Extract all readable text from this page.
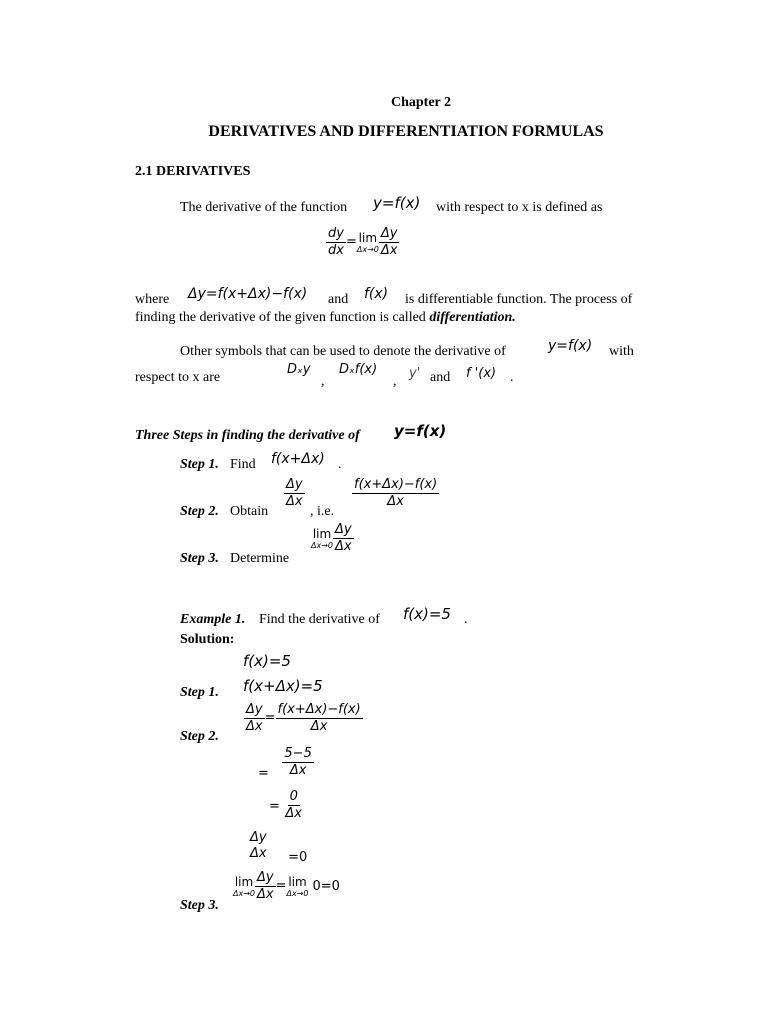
Chapter 2
DERIVATIVES AND DIFFERENTIATION FORMULAS
2.1 DERIVATIVES
The derivative of the function y=f(x) with respect to x is defined as
$\frac{dy}{dx} = \lim$
$\Delta x\to 0 \frac{\Delta y}{\Delta x}$
where Δy=f(x+Δx)−f(x) and f(x) is differentiable function. The process of
finding the derivative of the given function is called differentiation.
Other symbols that can be used to denote the derivative of	y=f(x) with
respect to x are
Dₓy
,
Dₓf(x)
,
y' and f '(x) .
Three Steps in finding the derivative of y=f(x)
Step 1. Find f(x+Δx) .
Step 2. Obtain
$\frac{\Delta y}{\Delta x}$
, i.e.
$\frac{f(x+\Delta x)-f(x)}{\Delta x}$
Step 3. Determine
lim
$\Delta x\to 0 \frac{\Delta y}{\Delta x}$
Example 1. Find the derivative of f(x)=5 .
Solution:
f(x)=5
Step 1. f(x+Δx)=5
Step 2.
$\frac{\Delta y}{\Delta x} = \frac{f(x+\Delta x)-f(x)}{\Delta x}$
= $\frac{5-5}{\Delta x}$
= $\frac{0}{\Delta x}$
Δy
Δx =0
Step 3.
lim
$\Delta x\to 0 \frac{\Delta y}{\Delta x} = \lim$
Δx→0 0=0
